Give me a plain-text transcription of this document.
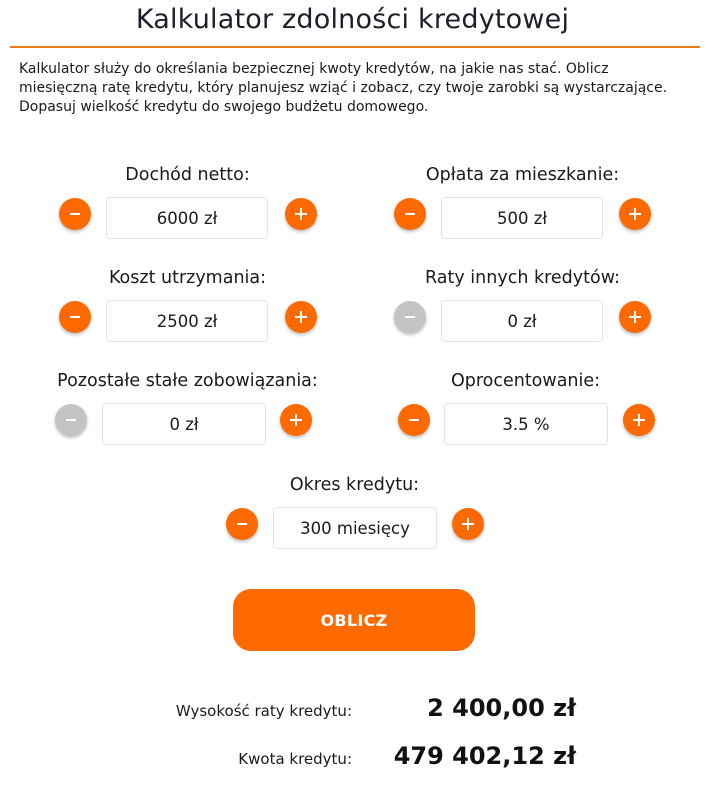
Kalkulator zdolności kredytowej
Kalkulator służy do określania bezpiecznej kwoty kredytów, na jakie nas stać. Oblicz miesięczną ratę kredytu, który planujesz wziąć i zobacz, czy twoje zarobki są wystarczające. Dopasuj wielkość kredytu do swojego budżetu domowego.
Dochód netto:
6000 zł
Opłata za mieszkanie:
500 zł
Koszt utrzymania:
2500 zł
Raty innych kredytów:
0 zł
Pozostałe stałe zobowiązania:
0 zł
Oprocentowanie:
3.5 %
Okres kredytu:
300 miesięcy
OBLICZ
Wysokość raty kredytu:	2 400,00 zł
Kwota kredytu: 479 402,12 zł
